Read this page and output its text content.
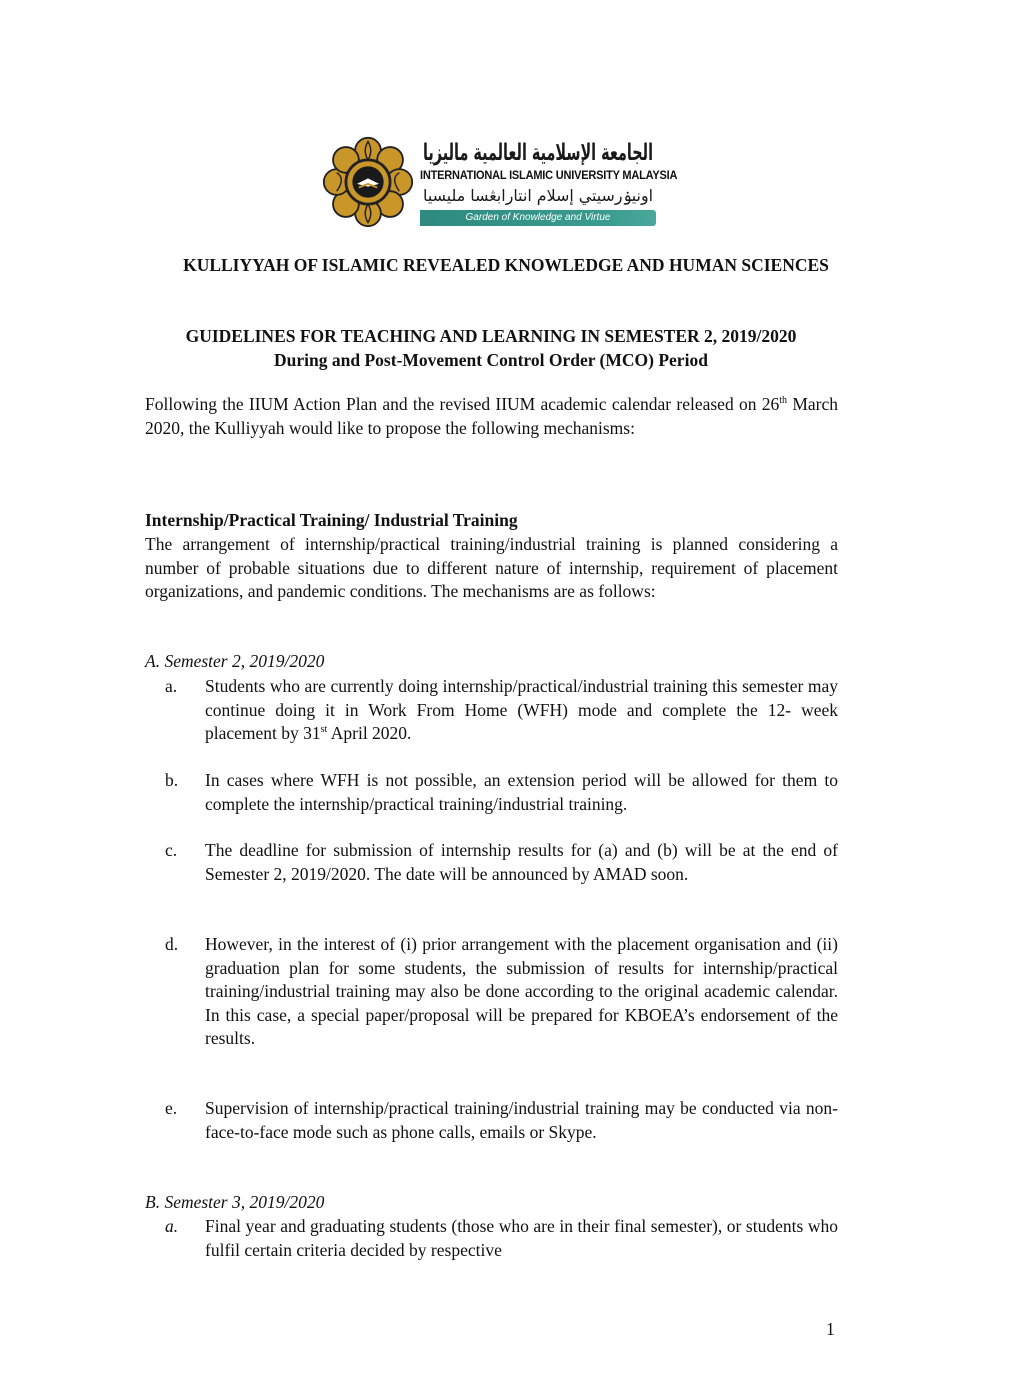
الجامعة الإسلامية العالمية ماليزيا
INTERNATIONAL ISLAMIC UNIVERSITY MALAYSIA
اونيۏرسيتي إسلام انتارابڠسا مليسيا
Garden of Knowledge and Virtue
KULLIYYAH OF ISLAMIC REVEALED KNOWLEDGE AND HUMAN SCIENCES
GUIDELINES FOR TEACHING AND LEARNING IN SEMESTER 2, 2019/2020
During and Post-Movement Control Order (MCO) Period
Following the IIUM Action Plan and the revised IIUM academic calendar released on 26th March 2020, the Kulliyyah would like to propose the following mechanisms:
Internship/Practical Training/ Industrial Training
The arrangement of internship/practical training/industrial training is planned considering a number of probable situations due to different nature of internship, requirement of placement organizations, and pandemic conditions. The mechanisms are as follows:
A. Semester 2, 2019/2020
a. Students who are currently doing internship/practical/industrial training this semester may continue doing it in Work From Home (WFH) mode and complete the 12- week placement by 31st April 2020.
b. In cases where WFH is not possible, an extension period will be allowed for them to complete the internship/practical training/industrial training.
c. The deadline for submission of internship results for (a) and (b) will be at the end of Semester 2, 2019/2020. The date will be announced by AMAD soon.
d. However, in the interest of (i) prior arrangement with the placement organisation and (ii) graduation plan for some students, the submission of results for internship/practical training/industrial training may also be done according to the original academic calendar. In this case, a special paper/proposal will be prepared for KBOEA’s endorsement of the results.
e. Supervision of internship/practical training/industrial training may be conducted via non-face-to-face mode such as phone calls, emails or Skype.
B. Semester 3, 2019/2020
a. Final year and graduating students (those who are in their final semester), or students who fulfil certain criteria decided by respective
1
